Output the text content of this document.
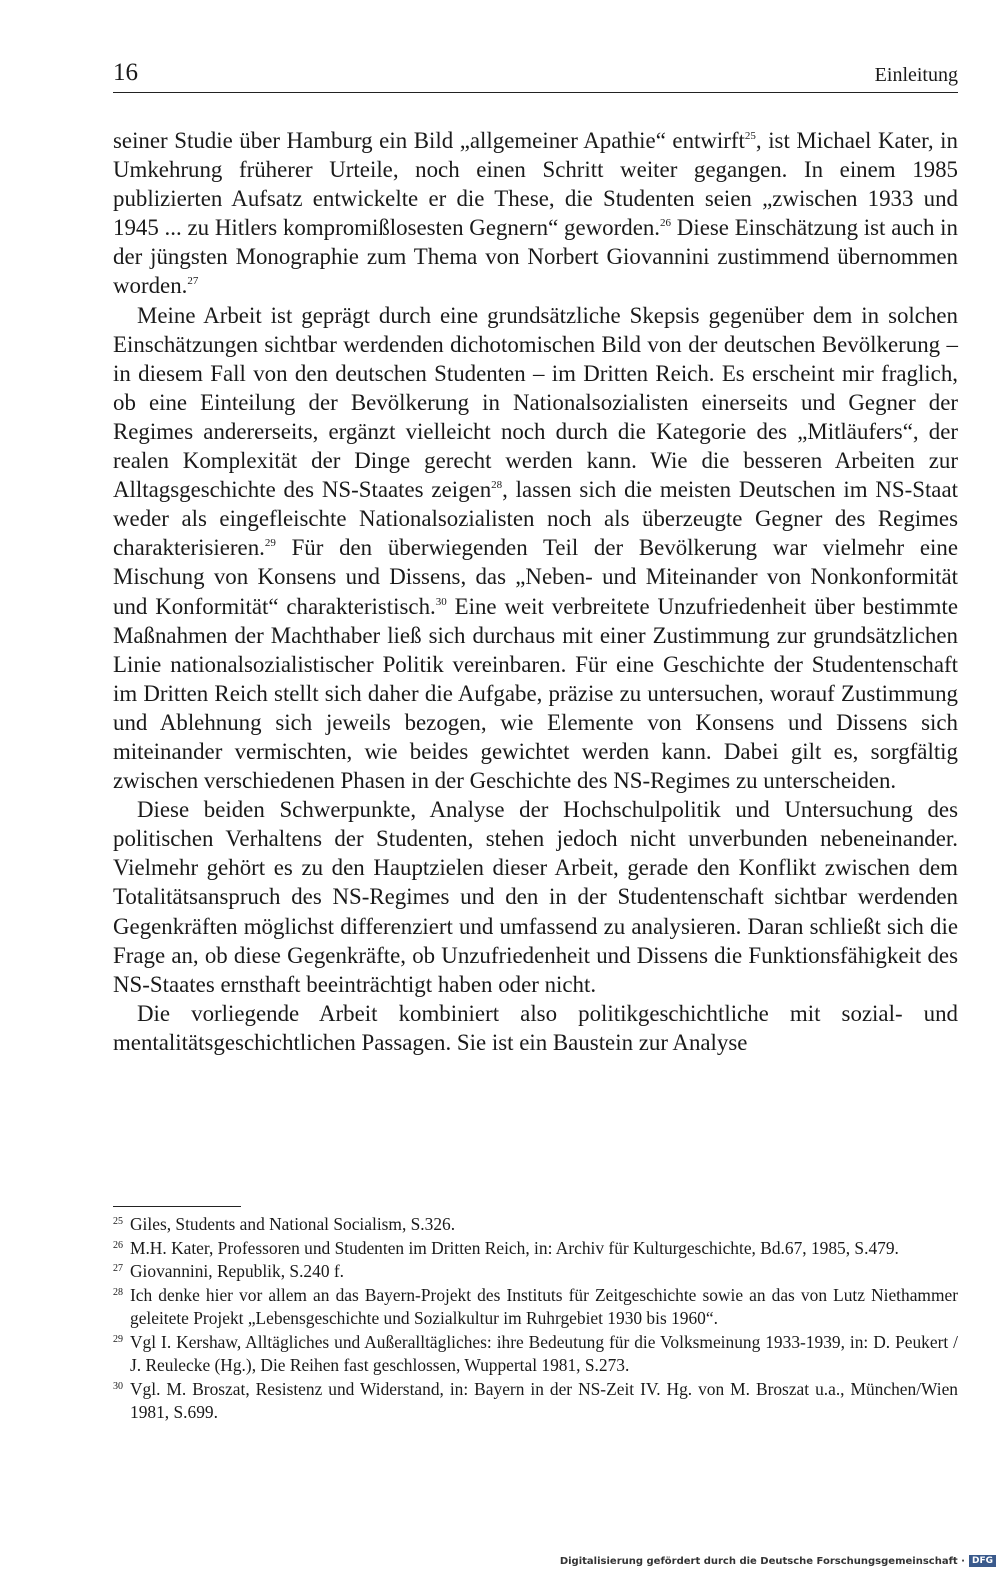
16	Einleitung

seiner Studie über Hamburg ein Bild „allgemeiner Apathie“ entwirft$^{25}$, ist Michael Kater, in Umkehrung früherer Urteile, noch einen Schritt weiter gegangen. In einem 1985 publizierten Aufsatz entwickelte er die These, die Studenten seien „zwischen 1933 und 1945 ... zu Hitlers kompromißlosesten Gegnern“ geworden.$^{26}$ Diese Einschätzung ist auch in der jüngsten Monographie zum Thema von Norbert Giovannini zustimmend übernommen worden.$^{27}$

Meine Arbeit ist geprägt durch eine grundsätzliche Skepsis gegenüber dem in solchen Einschätzungen sichtbar werdenden dichotomischen Bild von der deutschen Bevölkerung – in diesem Fall von den deutschen Studenten – im Dritten Reich. Es erscheint mir fraglich, ob eine Einteilung der Bevölkerung in Nationalsozialisten einerseits und Gegner der Regimes andererseits, ergänzt vielleicht noch durch die Kategorie des „Mitläufers“, der realen Komplexität der Dinge gerecht werden kann. Wie die besseren Arbeiten zur Alltagsgeschichte des NS-Staates zeigen$^{28}$, lassen sich die meisten Deutschen im NS-Staat weder als eingefleischte Nationalsozialisten noch als überzeugte Gegner des Regimes charakterisieren.$^{29}$ Für den überwiegenden Teil der Bevölkerung war vielmehr eine Mischung von Konsens und Dissens, das „Neben- und Miteinander von Nonkonformität und Konformität“ charakteristisch.$^{30}$ Eine weit verbreitete Unzufriedenheit über bestimmte Maßnahmen der Machthaber ließ sich durchaus mit einer Zustimmung zur grundsätzlichen Linie nationalsozialistischer Politik vereinbaren. Für eine Geschichte der Studentenschaft im Dritten Reich stellt sich daher die Aufgabe, präzise zu untersuchen, worauf Zustimmung und Ablehnung sich jeweils bezogen, wie Elemente von Konsens und Dissens sich miteinander vermischten, wie beides gewichtet werden kann. Dabei gilt es, sorgfältig zwischen verschiedenen Phasen in der Geschichte des NS-Regimes zu unterscheiden.

Diese beiden Schwerpunkte, Analyse der Hochschulpolitik und Untersuchung des politischen Verhaltens der Studenten, stehen jedoch nicht unverbunden nebeneinander. Vielmehr gehört es zu den Hauptzielen dieser Arbeit, gerade den Konflikt zwischen dem Totalitätsanspruch des NS-Regimes und den in der Studentenschaft sichtbar werdenden Gegenkräften möglichst differenziert und umfassend zu analysieren. Daran schließt sich die Frage an, ob diese Gegenkräfte, ob Unzufriedenheit und Dissens die Funktionsfähigkeit des NS-Staates ernsthaft beeinträchtigt haben oder nicht.

Die vorliegende Arbeit kombiniert also politikgeschichtliche mit sozial- und mentalitätsgeschichtlichen Passagen. Sie ist ein Baustein zur Analyse

25 Giles, Students and National Socialism, S.326.
26 M.H. Kater, Professoren und Studenten im Dritten Reich, in: Archiv für Kulturgeschichte, Bd.67, 1985, S.479.
27 Giovannini, Republik, S.240 f.
28 Ich denke hier vor allem an das Bayern-Projekt des Instituts für Zeitgeschichte sowie an das von Lutz Niethammer geleitete Projekt „Lebensgeschichte und Sozialkultur im Ruhrgebiet 1930 bis 1960“.
29 Vgl I. Kershaw, Alltägliches und Außeralltägliches: ihre Bedeutung für die Volksmeinung 1933-1939, in: D. Peukert / J. Reulecke (Hg.), Die Reihen fast geschlossen, Wuppertal 1981, S.273.
30 Vgl. M. Broszat, Resistenz und Widerstand, in: Bayern in der NS-Zeit IV. Hg. von M. Broszat u.a., München/Wien 1981, S.699.
Digitalisierung gefördert durch die Deutsche Forschungsgemeinschaft · DFG
